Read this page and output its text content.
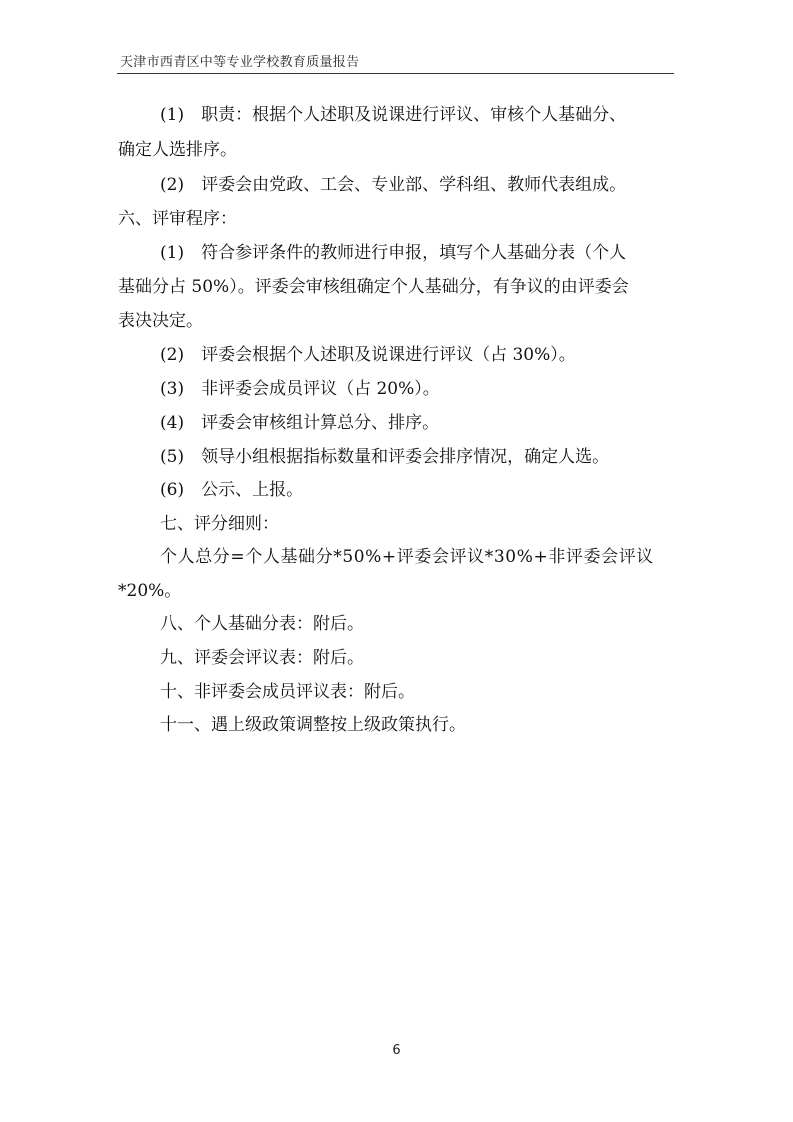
天津市西青区中等专业学校教育质量报告
(1)　职责：根据个人述职及说课进行评议、审核个人基础分、
确定人选排序。
(2)　评委会由党政、工会、专业部、学科组、教师代表组成。
六、评审程序：
(1)　符合参评条件的教师进行申报，填写个人基础分表（个人
基础分占 50%）。评委会审核组确定个人基础分，有争议的由评委会
表决决定。
(2)　评委会根据个人述职及说课进行评议（占 30%）。
(3)　非评委会成员评议（占 20%）。
(4)　评委会审核组计算总分、排序。
(5)　领导小组根据指标数量和评委会排序情况，确定人选。
(6)　公示、上报。
七、评分细则：
个人总分=个人基础分*50%+评委会评议*30%+非评委会评议
*20%。
八、个人基础分表：附后。
九、评委会评议表：附后。
十、非评委会成员评议表：附后。
十一、遇上级政策调整按上级政策执行。
6
